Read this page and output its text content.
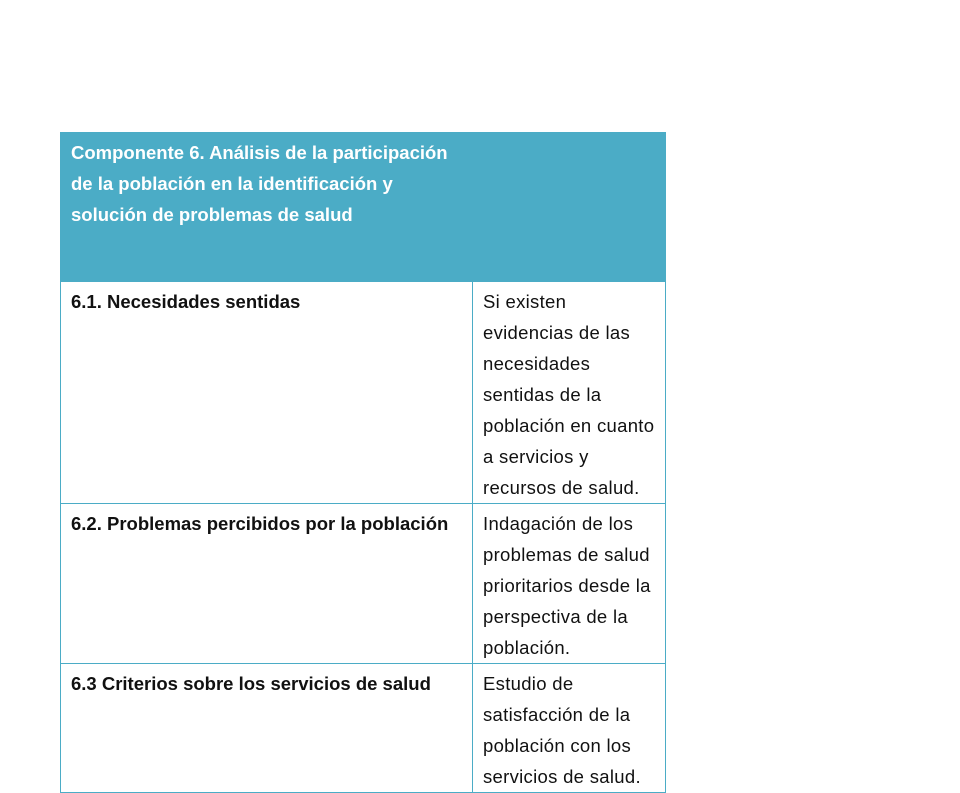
Componente 6. Análisis de la participación de la población en la identificación y solución de problemas de salud	

6.1. Necesidades sentidas	Si existen evidencias de las necesidades sentidas de la población en cuanto a servicios y recursos de salud.

6.2. Problemas percibidos por la población	Indagación de los problemas de salud prioritarios desde la perspectiva de la población.

6.3 Criterios sobre los servicios de salud	Estudio de satisfacción de la población con los servicios de salud.
